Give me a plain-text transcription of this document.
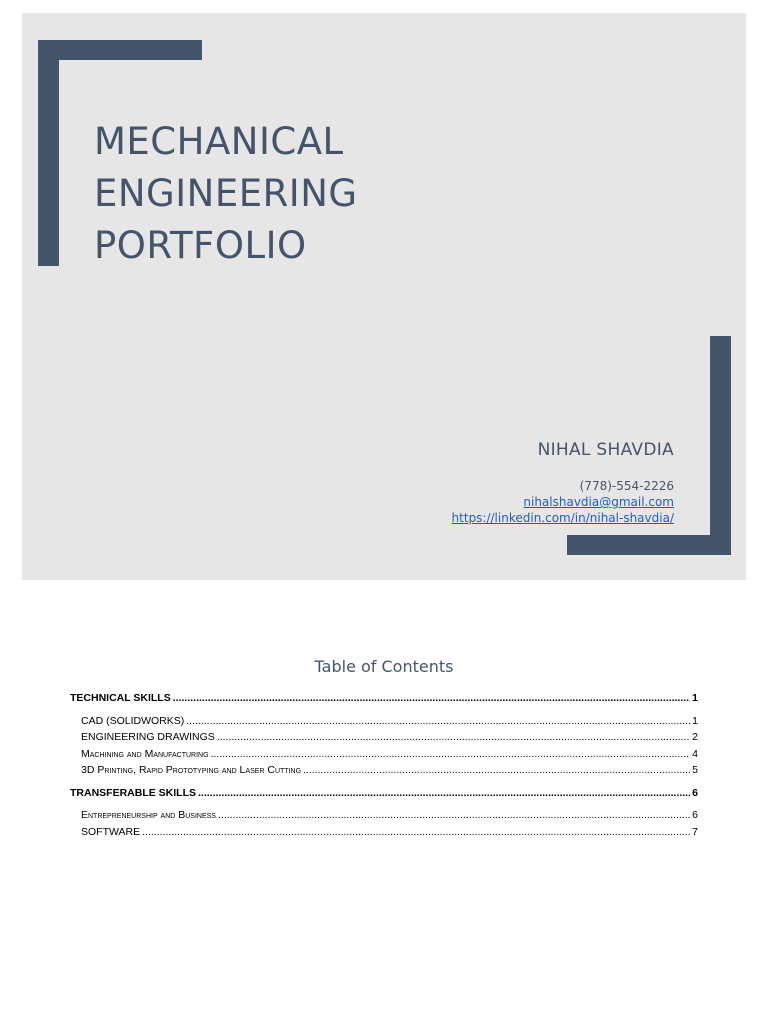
MECHANICAL
ENGINEERING
PORTFOLIO
NIHAL SHAVDIA
(778)-554-2226
nihalshavdia@gmail.com
https://linkedin.com/in/nihal-shavdia/
Table of Contents
TECHNICAL SKILLS .....	1
CAD (SOLIDWORKS) .....	1
ENGINEERING DRAWINGS .....	2
Machining and Manufacturing .....	4
3D Printing, Rapid Prototyping and Laser Cutting .....	5
TRANSFERABLE SKILLS .....	6
Entrepreneurship and Business .....	6
SOFTWARE .....	7
